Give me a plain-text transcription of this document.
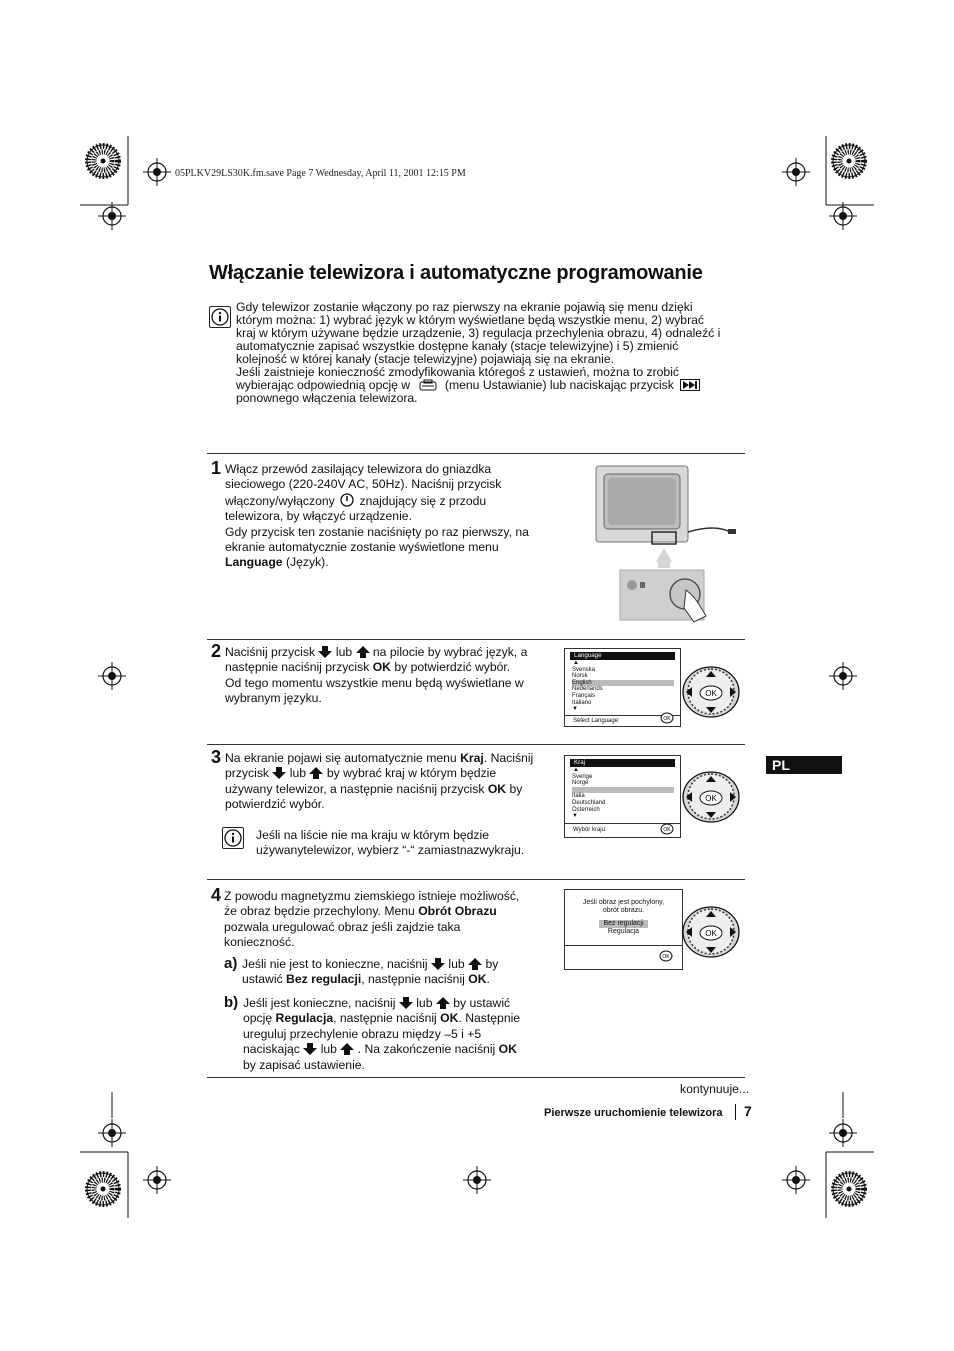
05PLKV29LS30K.fm.save Page 7 Wednesday, April 11, 2001 12:15 PM
Włączanie telewizora i automatyczne programowanie

Gdy telewizor zostanie włączony po raz pierwszy na ekranie pojawią się menu dzięki

którym można: 1) wybrać język w którym wyświetlane będą wszystkie menu, 2) wybrać

kraj w którym używane będzie urządzenie, 3) regulacja przechylenia obrazu, 4) odnaleźć i

automatycznie zapisać wszystkie dostępne kanały (stacje telewizyjne) i 5) zmienić

kolejność w której kanały (stacje telewizyjne) pojawiają się na ekranie.

Jeśli zaistnieje konieczność zmodyfikowania któregoś z ustawień, można to zrobić

wybierając odpowiednią opcję w	(menu Ustawianie) lub naciskając przycisk

ponownego włączenia telewizora.

1 Włącz przewód zasilający telewizora do gniazdka

sieciowego (220-240V AC, 50Hz). Naciśnij przycisk

włączony/wyłączony znajdujący się z przodu

telewizora, by włączyć urządzenie.

Gdy przycisk ten zostanie naciśnięty po raz pierwszy, na

ekranie automatycznie zostanie wyświetlone menu

Language (Język).

2 Naciśnij przycisk lub na pilocie by wybrać język, a

następnie naciśnij przycisk OK by potwierdzić wybór.

Od tego momentu wszystkie menu będą wyświetlane w

wybranym języku.

Language
▲
Svenska
Norsk
English
Nederlands
Français
Italiano
▼
Select Language:	OK
OK
3 Na ekranie pojawi się automatycznie menu Kraj. Naciśnij

przycisk lub by wybrać kraj w którym będzie

używany telewizor, a następnie naciśnij przycisk OK by

potwierdzić wybór.

Jeśli na liście nie ma kraju w którym będzie

używanytelewizor, wybierz “-“ zamiastnazwykraju.

Kraj
▲
Sverige
Norge
-
Italia
Deutschland
Österreich
▼
Wybór kraju:	OK
OK
PL
4 Z powodu magnetyzmu ziemskiego istnieje możliwość,

że obraz będzie przechylony. Menu Obrót Obrazu

pozwala uregulować obraz jeśli zajdzie taka

konieczność.

a) Jeśli nie jest to konieczne, naciśnij lub by

ustawić Bez regulacji, następnie naciśnij OK.

b) Jeśli jest konieczne, naciśnij lub by ustawić

opcję Regulacja, następnie naciśnij OK. Następnie

ureguluj przechylenie obrazu między –5 i +5

naciskając lub . Na zakończenie naciśnij OK

by zapisać ustawienie.

Jeśli obraz jest pochylony,
obrót obrazu.
Bez regulacji
Regulacja
OK
OK
kontynuuje...
Pierwsze uruchomienie telewizora 7
